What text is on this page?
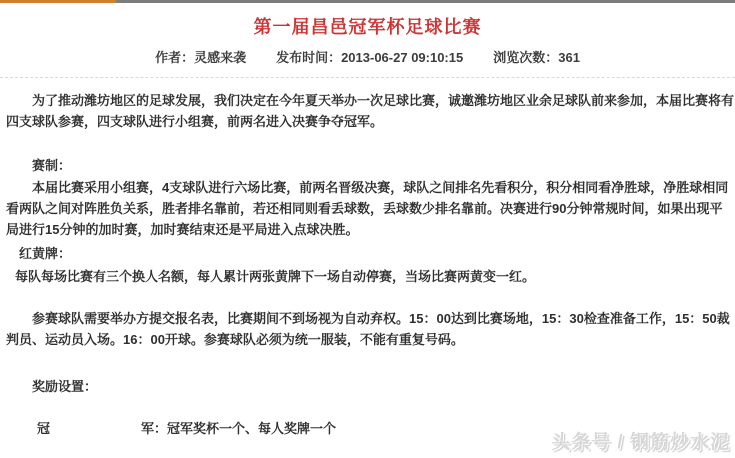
第一届昌邑冠军杯足球比赛
作者：灵感来袭 发布时间：2013-06-27 09:10:15 浏览次数：361
为了推动潍坊地区的足球发展，我们决定在今年夏天举办一次足球比赛，诚邀潍坊地区业余足球队前来参加，本届比赛将有
四支球队参赛，四支球队进行小组赛，前两名进入决赛争夺冠军。
赛制：
本届比赛采用小组赛，4支球队进行六场比赛，前两名晋级决赛，球队之间排名先看积分，积分相同看净胜球，净胜球相同
看两队之间对阵胜负关系，胜者排名靠前，若还相同则看丢球数，丢球数少排名靠前。决赛进行90分钟常规时间，如果出现平
局进行15分钟的加时赛，加时赛结束还是平局进入点球决胜。
红黄牌：
每队每场比赛有三个换人名额，每人累计两张黄牌下一场自动停赛，当场比赛两黄变一红。
参赛球队需要举办方提交报名表，比赛期间不到场视为自动弃权。15：00达到比赛场地，15：30检查准备工作，15：50裁
判员、运动员入场。16：00开球。参赛球队必须为统一服装，不能有重复号码。
奖励设置：
冠　　　　　　　军：冠军奖杯一个、每人奖牌一个
头条号 / 钢筋炒水泥
